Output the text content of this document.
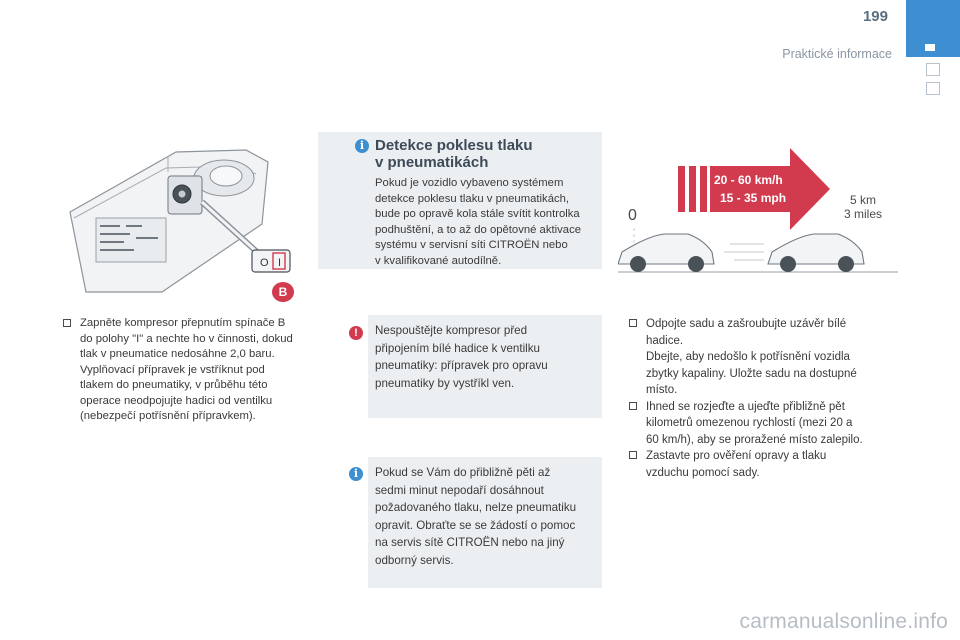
199
Praktické informace
O I
B
20 - 60 km/h
15 - 35 mph
0
5 km
3 miles

Zapněte kompresor přepnutím spínače B
do polohy "I" a nechte ho v činnosti, dokud
tlak v pneumatice nedosáhne 2,0 baru.
Vyplňovací přípravek je vstříknut pod
tlakem do pneumatiky, v průběhu této
operace neodpojujte hadici od ventilku
(nebezpečí potřísnění přípravkem).

i Detekce poklesu tlaku
v pneumatikách
Pokud je vozidlo vybaveno systémem
detekce poklesu tlaku v pneumatikách,
bude po opravě kola stále svítit kontrolka
podhuštění, a to až do opětovné aktivace
systému v servisní síti CITROËN nebo
v kvalifikované autodílně.
!	Nespouštějte kompresor před
připojením bílé hadice k ventilku
pneumatiky: přípravek pro opravu
pneumatiky by vystříkl ven.
i	Pokud se Vám do přibližně pěti až
sedmi minut nepodaří dosáhnout
požadovaného tlaku, nelze pneumatiku
opravit. Obraťte se se žádostí o pomoc
na servis sítě CITROËN nebo na jiný
odborný servis.

Odpojte sadu a zašroubujte uzávěr bílé
hadice.
Dbejte, aby nedošlo k potřísnění vozidla
zbytky kapaliny. Uložte sadu na dostupné
místo.

Ihned se rozjeďte a ujeďte přibližně pět
kilometrů omezenou rychlostí (mezi 20 a
60 km/h), aby se proražené místo zalepilo.

Zastavte pro ověření opravy a tlaku
vzduchu pomocí sady.

carmanualsonline.info
